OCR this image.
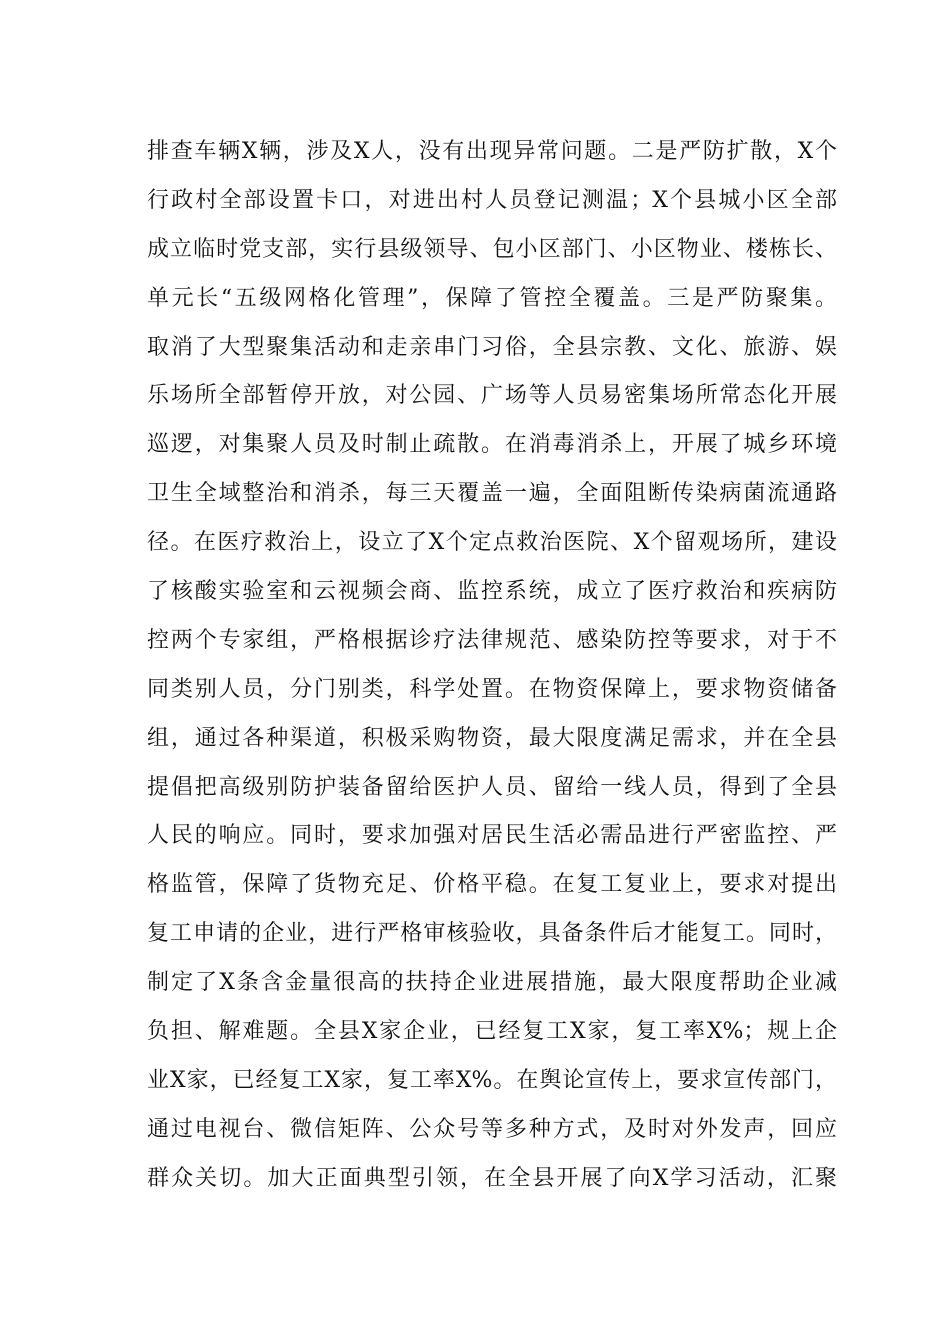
排查车辆X辆，涉及X人，没有出现异常问题。二是严防扩散，X个
行政村全部设置卡口，对进出村人员登记测温；X个县城小区全部
成立临时党支部，实行县级领导、包小区部门、小区物业、楼栋长、
单元长“五级网格化管理”，保障了管控全覆盖。三是严防聚集。
取消了大型聚集活动和走亲串门习俗，全县宗教、文化、旅游、娱
乐场所全部暂停开放，对公园、广场等人员易密集场所常态化开展
巡逻，对集聚人员及时制止疏散。在消毒消杀上，开展了城乡环境
卫生全域整治和消杀，每三天覆盖一遍，全面阻断传染病菌流通路
径。在医疗救治上，设立了X个定点救治医院、X个留观场所，建设
了核酸实验室和云视频会商、监控系统，成立了医疗救治和疾病防
控两个专家组，严格根据诊疗法律规范、感染防控等要求，对于不
同类别人员，分门别类，科学处置。在物资保障上，要求物资储备
组，通过各种渠道，积极采购物资，最大限度满足需求，并在全县
提倡把高级别防护装备留给医护人员、留给一线人员，得到了全县
人民的响应。同时，要求加强对居民生活必需品进行严密监控、严
格监管，保障了货物充足、价格平稳。在复工复业上，要求对提出
复工申请的企业，进行严格审核验收，具备条件后才能复工。同时，
制定了X条含金量很高的扶持企业进展措施，最大限度帮助企业减
负担、解难题。全县X家企业，已经复工X家，复工率X%；规上企
业X家，已经复工X家，复工率X%。在舆论宣传上，要求宣传部门，
通过电视台、微信矩阵、公众号等多种方式，及时对外发声，回应
群众关切。加大正面典型引领，在全县开展了向X学习活动，汇聚
